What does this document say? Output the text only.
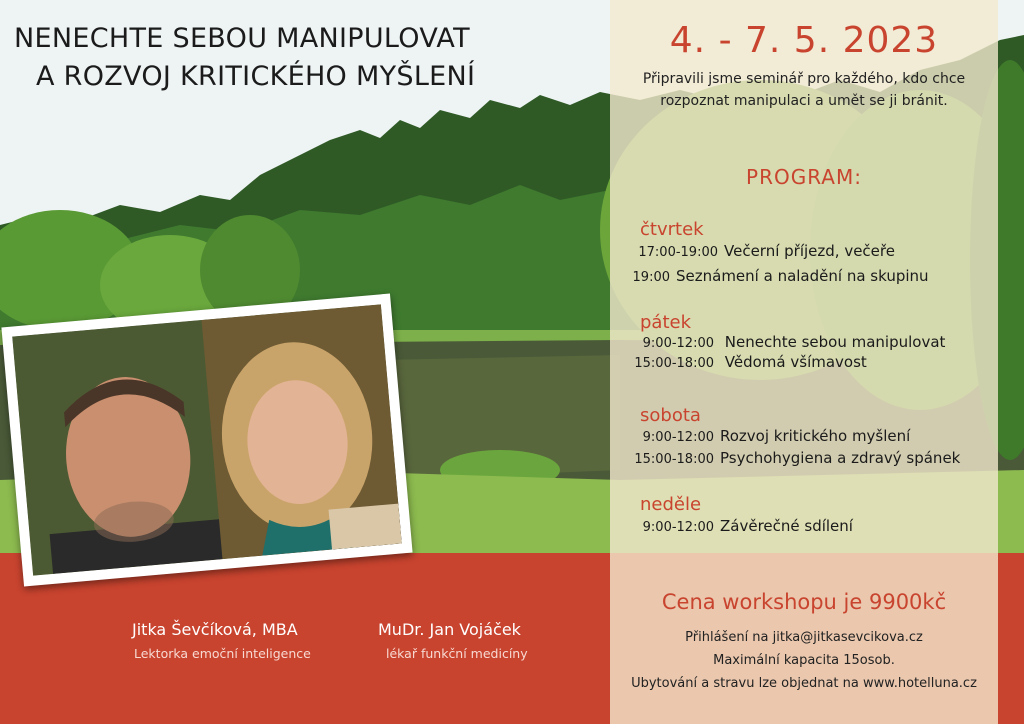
NENECHTE SEBOU MANIPULOVAT
A ROZVOJ KRITICKÉHO MYŠLENÍ
4. - 7. 5. 2023
Připravili jsme seminář pro každého, kdo chce
rozpoznat manipulaci a umět se ji bránit.
PROGRAM:
čtvrtek
17:00-19:00 Večerní příjezd, večeře
19:00 Seznámení a naladění na skupinu
pátek
9:00-12:00 Nenechte sebou manipulovat
15:00-18:00 Vědomá všímavost
sobota
9:00-12:00 Rozvoj kritického myšlení
15:00-18:00 Psychohygiena a zdravý spánek
neděle
9:00-12:00 Závěrečné sdílení
Cena workshopu je 9900kč
Přihlášení na jitka@jitkasevcikova.cz
Maximální kapacita 15osob.
Ubytování a stravu lze objednat na www.hotelluna.cz
Jitka Ševčíková, MBA
Lektorka emoční inteligence
MuDr. Jan Vojáček
lékař funkční medicíny
